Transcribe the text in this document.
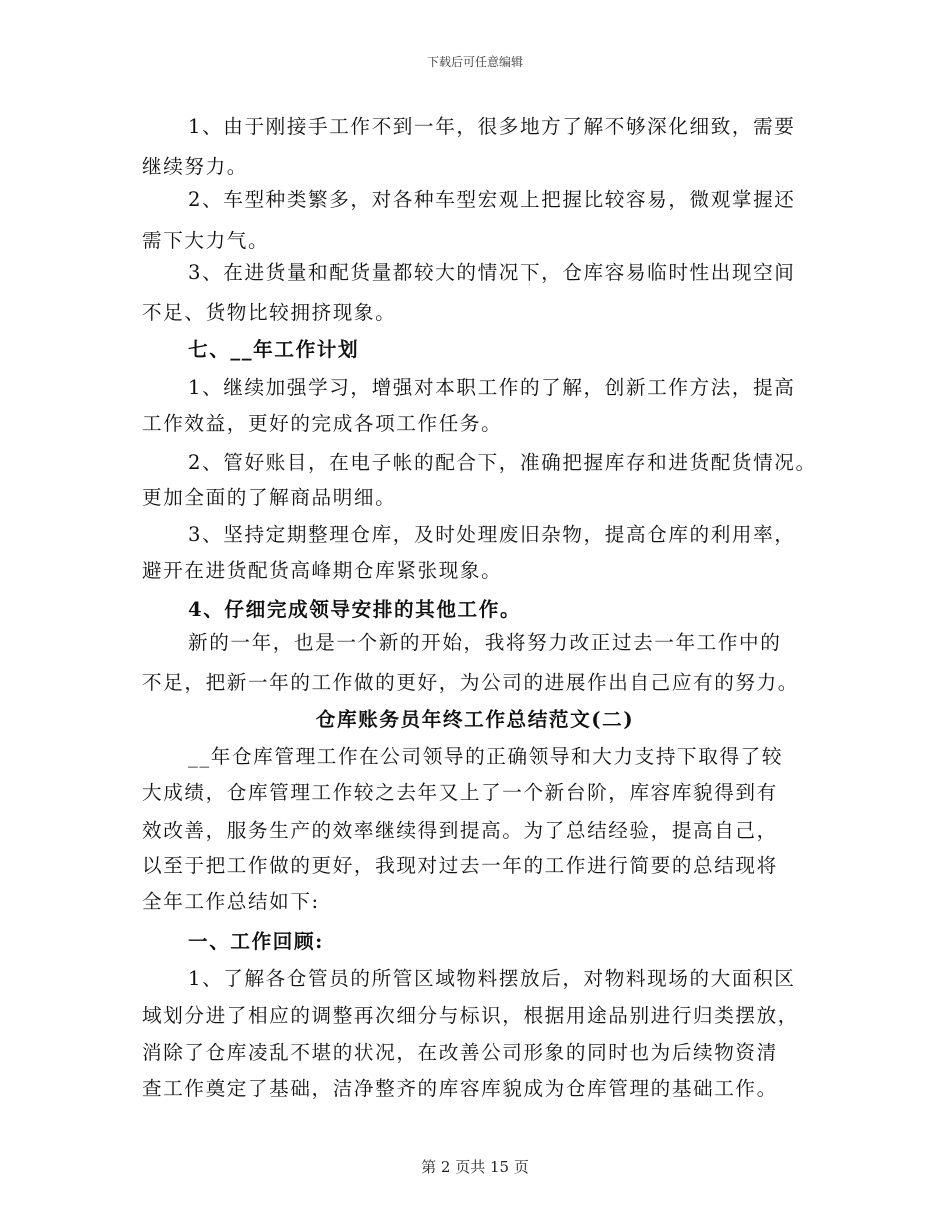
下载后可任意编辑
1、由于刚接手工作不到一年，很多地方了解不够深化细致，需要
继续努力。
2、车型种类繁多，对各种车型宏观上把握比较容易，微观掌握还
需下大力气。
3、在进货量和配货量都较大的情况下，仓库容易临时性出现空间
不足、货物比较拥挤现象。
七、__年工作计划
1、继续加强学习，增强对本职工作的了解，创新工作方法，提高
工作效益，更好的完成各项工作任务。
2、管好账目，在电子帐的配合下，准确把握库存和进货配货情况。
更加全面的了解商品明细。
3、坚持定期整理仓库，及时处理废旧杂物，提高仓库的利用率，
避开在进货配货高峰期仓库紧张现象。
4、仔细完成领导安排的其他工作。
新的一年，也是一个新的开始，我将努力改正过去一年工作中的
不足，把新一年的工作做的更好，为公司的进展作出自己应有的努力。
仓库账务员年终工作总结范文(二)
__年仓库管理工作在公司领导的正确领导和大力支持下取得了较
大成绩，仓库管理工作较之去年又上了一个新台阶，库容库貌得到有
效改善，服务生产的效率继续得到提高。为了总结经验，提高自己，
以至于把工作做的更好，我现对过去一年的工作进行简要的总结现将
全年工作总结如下:
一、工作回顾:
1、了解各仓管员的所管区域物料摆放后，对物料现场的大面积区
域划分进了相应的调整再次细分与标识，根据用途品别进行归类摆放，
消除了仓库凌乱不堪的状况，在改善公司形象的同时也为后续物资清
查工作奠定了基础，洁净整齐的库容库貌成为仓库管理的基础工作。
第 2 页共 15 页
